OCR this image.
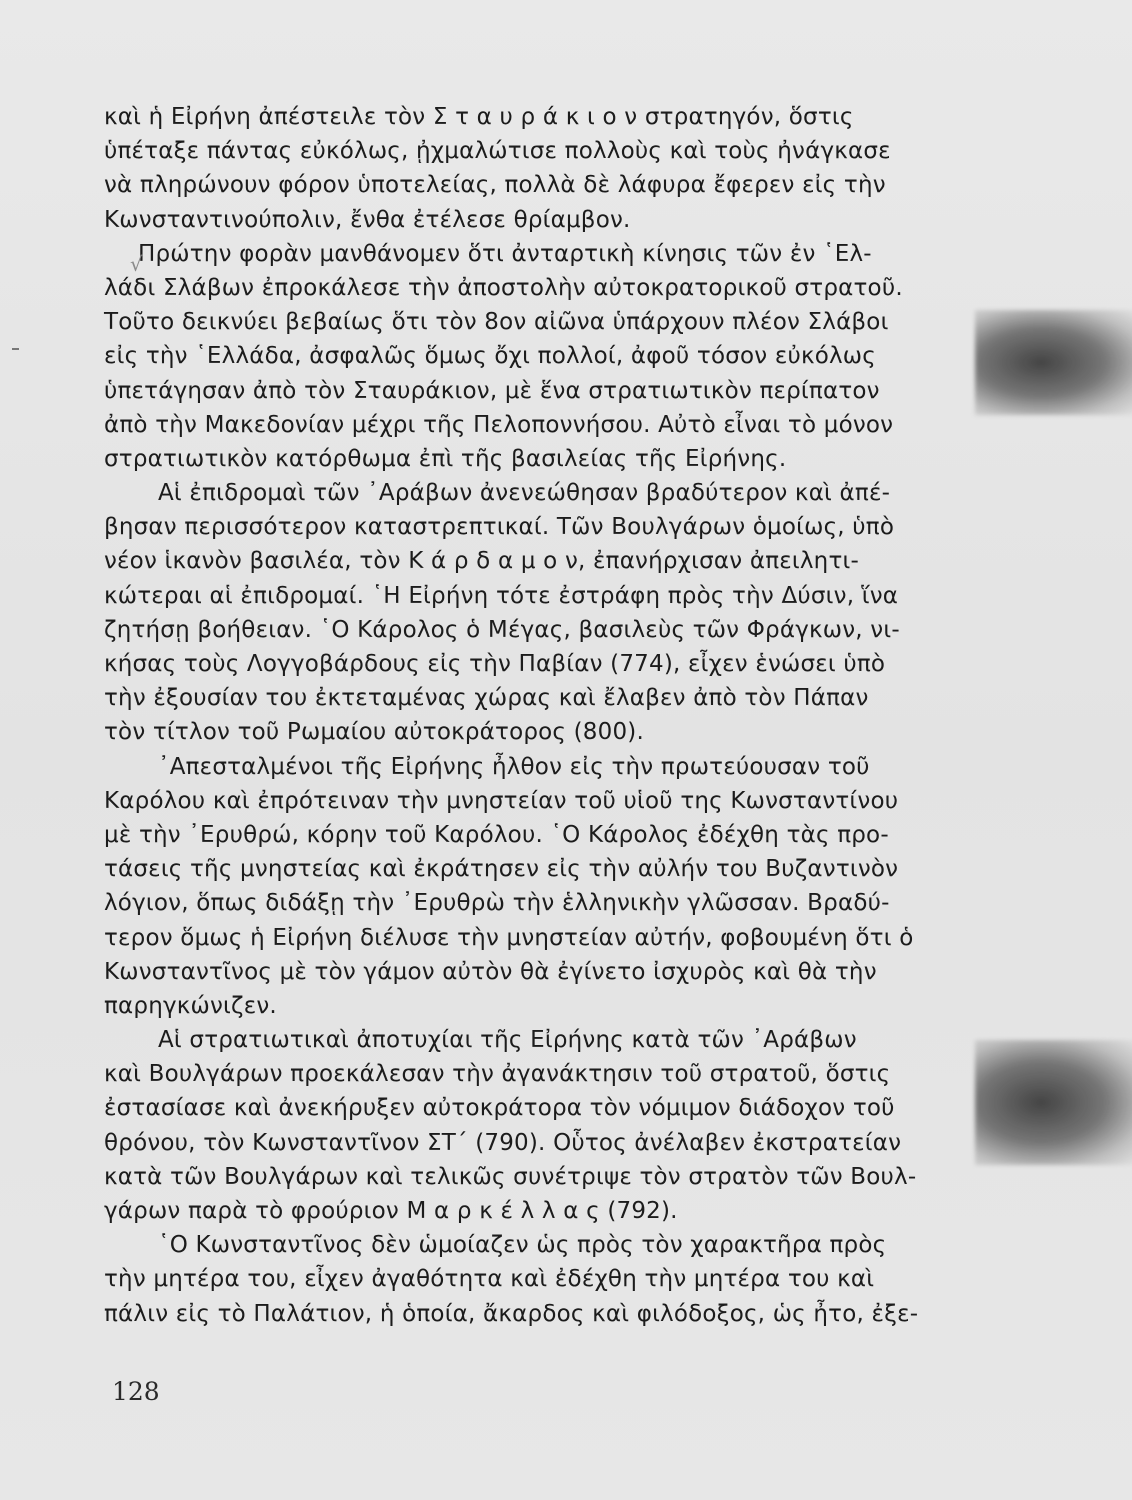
καὶ ἡ Εἰρήνη ἀπέστειλε τὸν Σ τ α υ ρ ά κ ι ο ν στρατηγόν, ὅστις
ὑπέταξε πάντας εὐκόλως, ᾐχμαλώτισε πολλοὺς καὶ τοὺς ἠνάγκασε
νὰ πληρώνουν φόρον ὑποτελείας, πολλὰ δὲ λάφυρα ἔφερεν εἰς τὴν
Κωνσταντινούπολιν, ἔνθα ἐτέλεσε θρίαμβον.
Πρώτην φορὰν μανθάνομεν ὅτι ἀνταρτικὴ κίνησις τῶν ἐν ῾Ελ-
λάδι Σλάβων ἐπροκάλεσε τὴν ἀποστολὴν αὐτοκρατορικοῦ στρατοῦ.
Τοῦτο δεικνύει βεβαίως ὅτι τὸν 8ον αἰῶνα ὑπάρχουν πλέον Σλάβοι
εἰς τὴν ῾Ελλάδα, ἀσφαλῶς ὅμως ὄχι πολλοί, ἀφοῦ τόσον εὐκόλως
ὑπετάγησαν ἀπὸ τὸν Σταυράκιον, μὲ ἕνα στρατιωτικὸν περίπατον
ἀπὸ τὴν Μακεδονίαν μέχρι τῆς Πελοποννήσου. Αὐτὸ εἶναι τὸ μόνον
στρατιωτικὸν κατόρθωμα ἐπὶ τῆς βασιλείας τῆς Εἰρήνης.
Αἱ ἐπιδρομαὶ τῶν ᾿Αράβων ἀνενεώθησαν βραδύτερον καὶ ἀπέ-
βησαν περισσότερον καταστρεπτικαί. Τῶν Βουλγάρων ὁμοίως, ὑπὸ
νέον ἱκανὸν βασιλέα, τὸν Κ ά ρ δ α μ ο ν, ἐπανήρχισαν ἀπειλητι-
κώτεραι αἱ ἐπιδρομαί. ῾Η Εἰρήνη τότε ἐστράφη πρὸς τὴν Δύσιν, ἵνα
ζητήσῃ βοήθειαν. ῾Ο Κάρολος ὁ Μέγας, βασιλεὺς τῶν Φράγκων, νι-
κήσας τοὺς Λογγοβάρδους εἰς τὴν Παβίαν (774), εἶχεν ἑνώσει ὑπὸ
τὴν ἐξουσίαν του ἐκτεταμένας χώρας καὶ ἔλαβεν ἀπὸ τὸν Πάπαν
τὸν τίτλον τοῦ Ρωμαίου αὐτοκράτορος (800).
᾿Απεσταλμένοι τῆς Εἰρήνης ἦλθον εἰς τὴν πρωτεύουσαν τοῦ
Καρόλου καὶ ἐπρότειναν τὴν μνηστείαν τοῦ υἱοῦ της Κωνσταντίνου
μὲ τὴν ᾿Ερυθρώ, κόρην τοῦ Καρόλου. ῾Ο Κάρολος ἐδέχθη τὰς προ-
τάσεις τῆς μνηστείας καὶ ἐκράτησεν εἰς τὴν αὐλήν του Βυζαντινὸν
λόγιον, ὅπως διδάξῃ τὴν ᾿Ερυθρὼ τὴν ἑλληνικὴν γλῶσσαν. Βραδύ-
τερον ὅμως ἡ Εἰρήνη διέλυσε τὴν μνηστείαν αὐτήν, φοβουμένη ὅτι ὁ
Κωνσταντῖνος μὲ τὸν γάμον αὐτὸν θὰ ἐγίνετο ἰσχυρὸς καὶ θὰ τὴν
παρηγκώνιζεν.
Αἱ στρατιωτικαὶ ἀποτυχίαι τῆς Εἰρήνης κατὰ τῶν ᾿Αράβων
καὶ Βουλγάρων προεκάλεσαν τὴν ἀγανάκτησιν τοῦ στρατοῦ, ὅστις
ἐστασίασε καὶ ἀνεκήρυξεν αὐτοκράτορα τὸν νόμιμον διάδοχον τοῦ
θρόνου, τὸν Κωνσταντῖνον ΣΤ΄ (790). Οὗτος ἀνέλαβεν ἐκστρατείαν
κατὰ τῶν Βουλγάρων καὶ τελικῶς συνέτριψε τὸν στρατὸν τῶν Βουλ-
γάρων παρὰ τὸ φρούριον Μ α ρ κ έ λ λ α ς (792).
῾Ο Κωνσταντῖνος δὲν ὡμοίαζεν ὡς πρὸς τὸν χαρακτῆρα πρὸς
τὴν μητέρα του, εἶχεν ἀγαθότητα καὶ ἐδέχθη τὴν μητέρα του καὶ
πάλιν εἰς τὸ Παλάτιον, ἡ ὁποία, ἄκαρδος καὶ φιλόδοξος, ὡς ἦτο, ἐξε-
√
128
